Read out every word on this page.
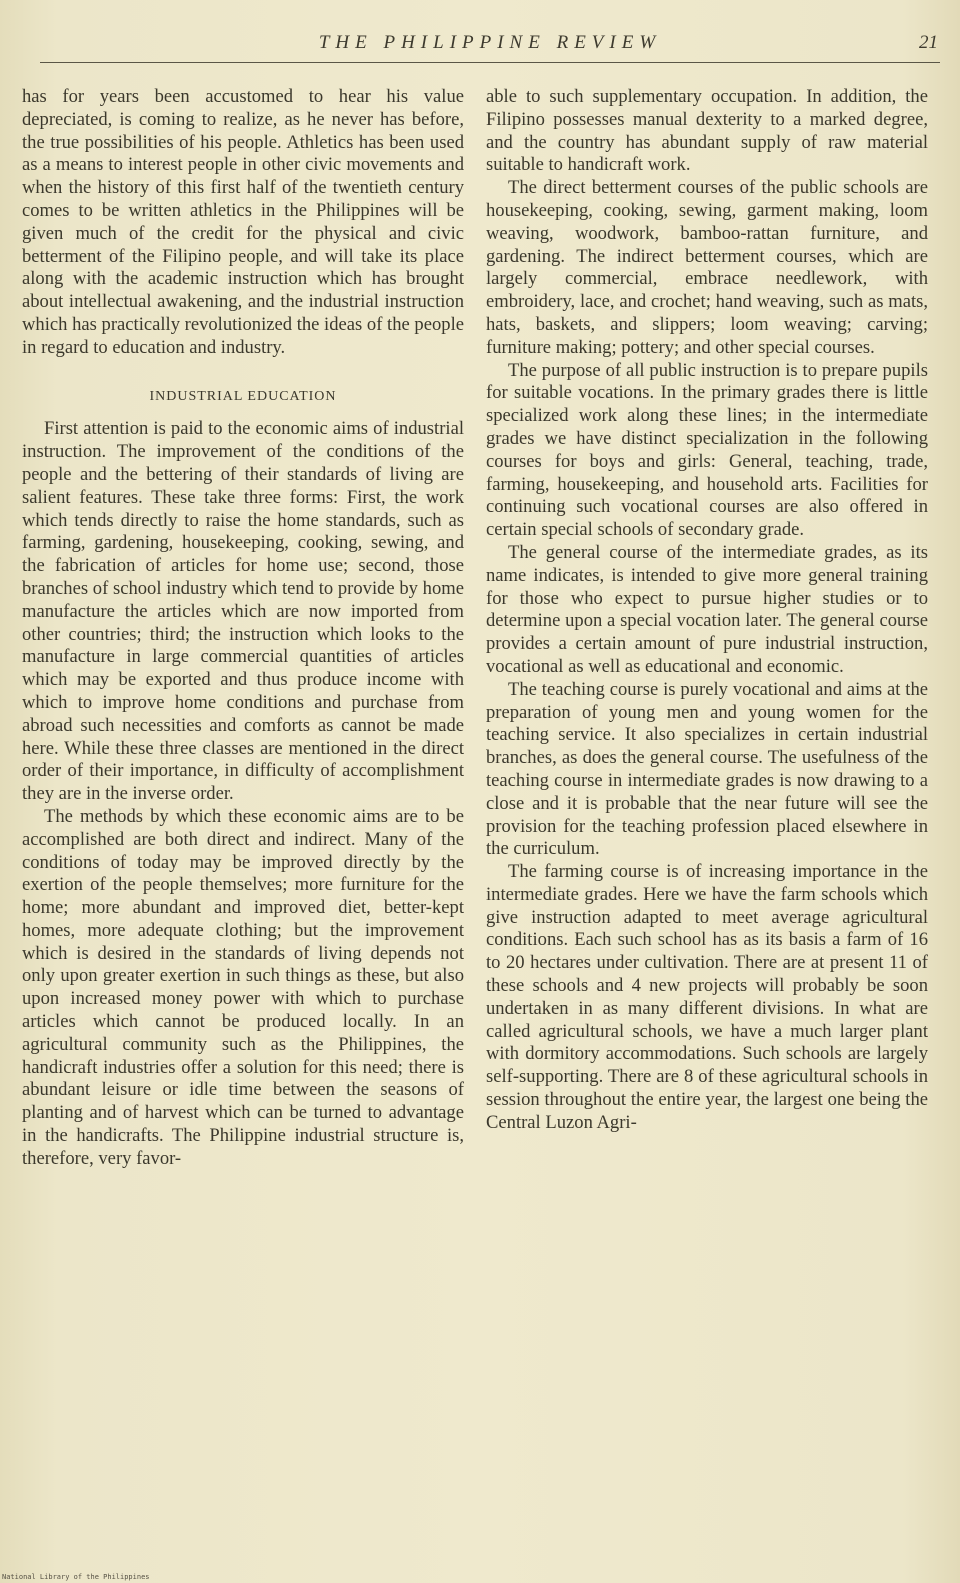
THE PHILIPPINE REVIEW	21

has for years been accustomed to hear his value depreciated, is coming to realize, as he never has before, the true possibilities of his people. Athletics has been used as a means to interest people in other civic movements and when the history of this first half of the twentieth century comes to be written athletics in the Philippines will be given much of the credit for the physical and civic betterment of the Filipino people, and will take its place along with the academic instruction which has brought about intellectual awakening, and the industrial instruction which has practically revolutionized the ideas of the people in regard to education and industry.

INDUSTRIAL EDUCATION

First attention is paid to the economic aims of industrial instruction. The improvement of the conditions of the people and the bettering of their standards of living are salient features. These take three forms: First, the work which tends directly to raise the home standards, such as farming, gardening, housekeeping, cooking, sewing, and the fabrication of articles for home use; second, those branches of school industry which tend to provide by home manufacture the articles which are now imported from other countries; third; the instruction which looks to the manufacture in large commercial quantities of articles which may be exported and thus produce income with which to improve home conditions and purchase from abroad such necessities and comforts as cannot be made here. While these three classes are mentioned in the direct order of their importance, in difficulty of accomplishment they are in the inverse order.

The methods by which these economic aims are to be accomplished are both direct and indirect. Many of the conditions of today may be improved directly by the exertion of the people themselves; more furniture for the home; more abundant and improved diet, better-kept homes, more adequate clothing; but the improvement which is desired in the standards of living depends not only upon greater exertion in such things as these, but also upon increased money power with which to purchase articles which cannot be produced locally. In an agricultural community such as the Philippines, the handicraft industries offer a solution for this need; there is abundant leisure or idle time between the seasons of planting and of harvest which can be turned to advantage in the handicrafts. The Philippine industrial structure is, therefore, very favor-

able to such supplementary occupation. In addition, the Filipino possesses manual dexterity to a marked degree, and the country has abundant supply of raw material suitable to handicraft work.

The direct betterment courses of the public schools are housekeeping, cooking, sewing, garment making, loom weaving, woodwork, bamboo-rattan furniture, and gardening. The indirect betterment courses, which are largely commercial, embrace needlework, with embroidery, lace, and crochet; hand weaving, such as mats, hats, baskets, and slippers; loom weaving; carving; furniture making; pottery; and other special courses.

The purpose of all public instruction is to prepare pupils for suitable vocations. In the primary grades there is little specialized work along these lines; in the intermediate grades we have distinct specialization in the following courses for boys and girls: General, teaching, trade, farming, housekeeping, and household arts. Facilities for continuing such vocational courses are also offered in certain special schools of secondary grade.

The general course of the intermediate grades, as its name indicates, is intended to give more general training for those who expect to pursue higher studies or to determine upon a special vocation later. The general course provides a certain amount of pure industrial instruction, vocational as well as educational and economic.

The teaching course is purely vocational and aims at the preparation of young men and young women for the teaching service. It also specializes in certain industrial branches, as does the general course. The usefulness of the teaching course in intermediate grades is now drawing to a close and it is probable that the near future will see the provision for the teaching profession placed elsewhere in the curriculum.

The farming course is of increasing importance in the intermediate grades. Here we have the farm schools which give instruction adapted to meet average agricultural conditions. Each such school has as its basis a farm of 16 to 20 hectares under cultivation. There are at present 11 of these schools and 4 new projects will probably be soon undertaken in as many different divisions. In what are called agricultural schools, we have a much larger plant with dormitory accommodations. Such schools are largely self-supporting. There are 8 of these agricultural schools in session throughout the entire year, the largest one being the Central Luzon Agri-

National Library of the Philippines
